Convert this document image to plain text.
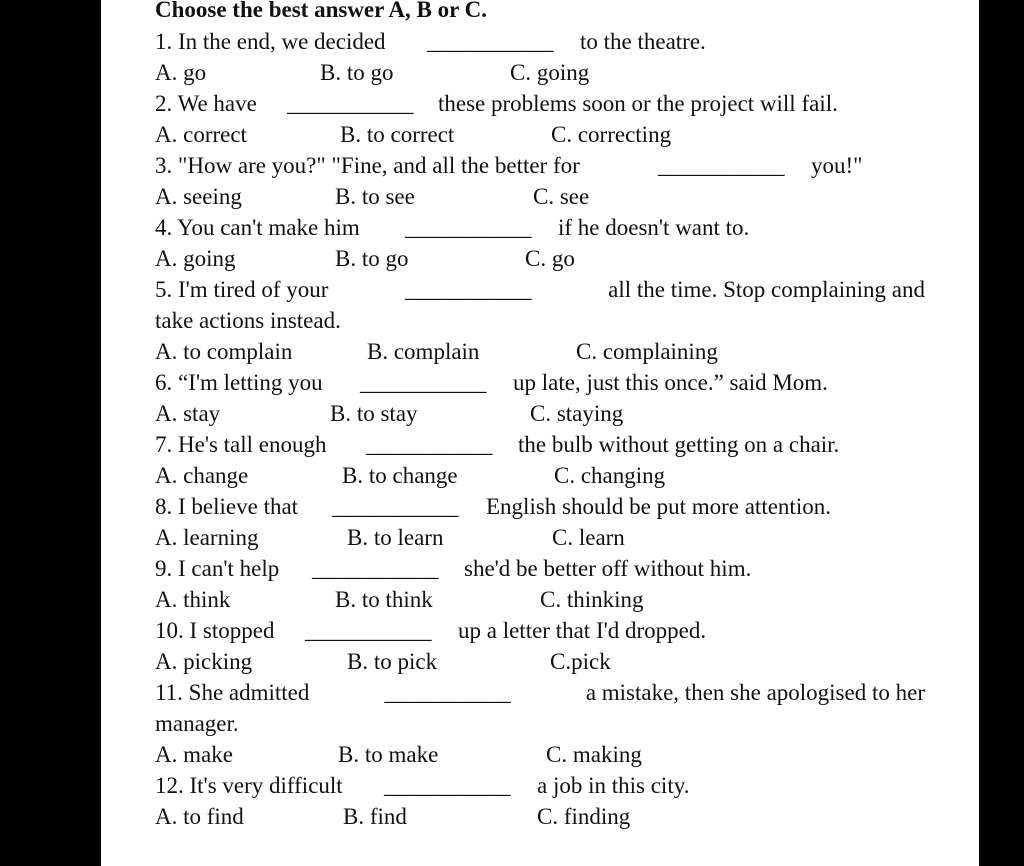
Choose the best answer A, B or C.
1. In the end, we decided ___________ to the theatre.
A. go	B. to go	C. going
2. We have ___________ these problems soon or the project will fail.
A. correct	B. to correct	C. correcting
3. "How are you?" "Fine, and all the better for	___________ you!"
A. seeing	B. to see	C. see
4. You can't make him ___________ if he doesn't want to.
A. going	B. to go	C. go
5. I'm tired of your	___________	all the time. Stop complaining and
take actions instead.
A. to complain	B. complain	C. complaining
6. “I'm letting you ___________ up late, just this once.” said Mom.
A. stay	B. to stay	C. staying
7. He's tall enough ___________ the bulb without getting on a chair.
A. change	B. to change	C. changing
8. I believe that ___________ English should be put more attention.
A. learning	B. to learn	C. learn
9. I can't help ___________ she'd be better off without him.
A. think	B. to think	C. thinking
10. I stopped ___________ up a letter that I'd dropped.
A. picking	B. to pick	C.pick
11. She admitted	___________	a mistake, then she apologised to her
manager.
A. make	B. to make	C. making
12. It's very difficult ___________ a job in this city.
A. to find	B. find	C. finding
